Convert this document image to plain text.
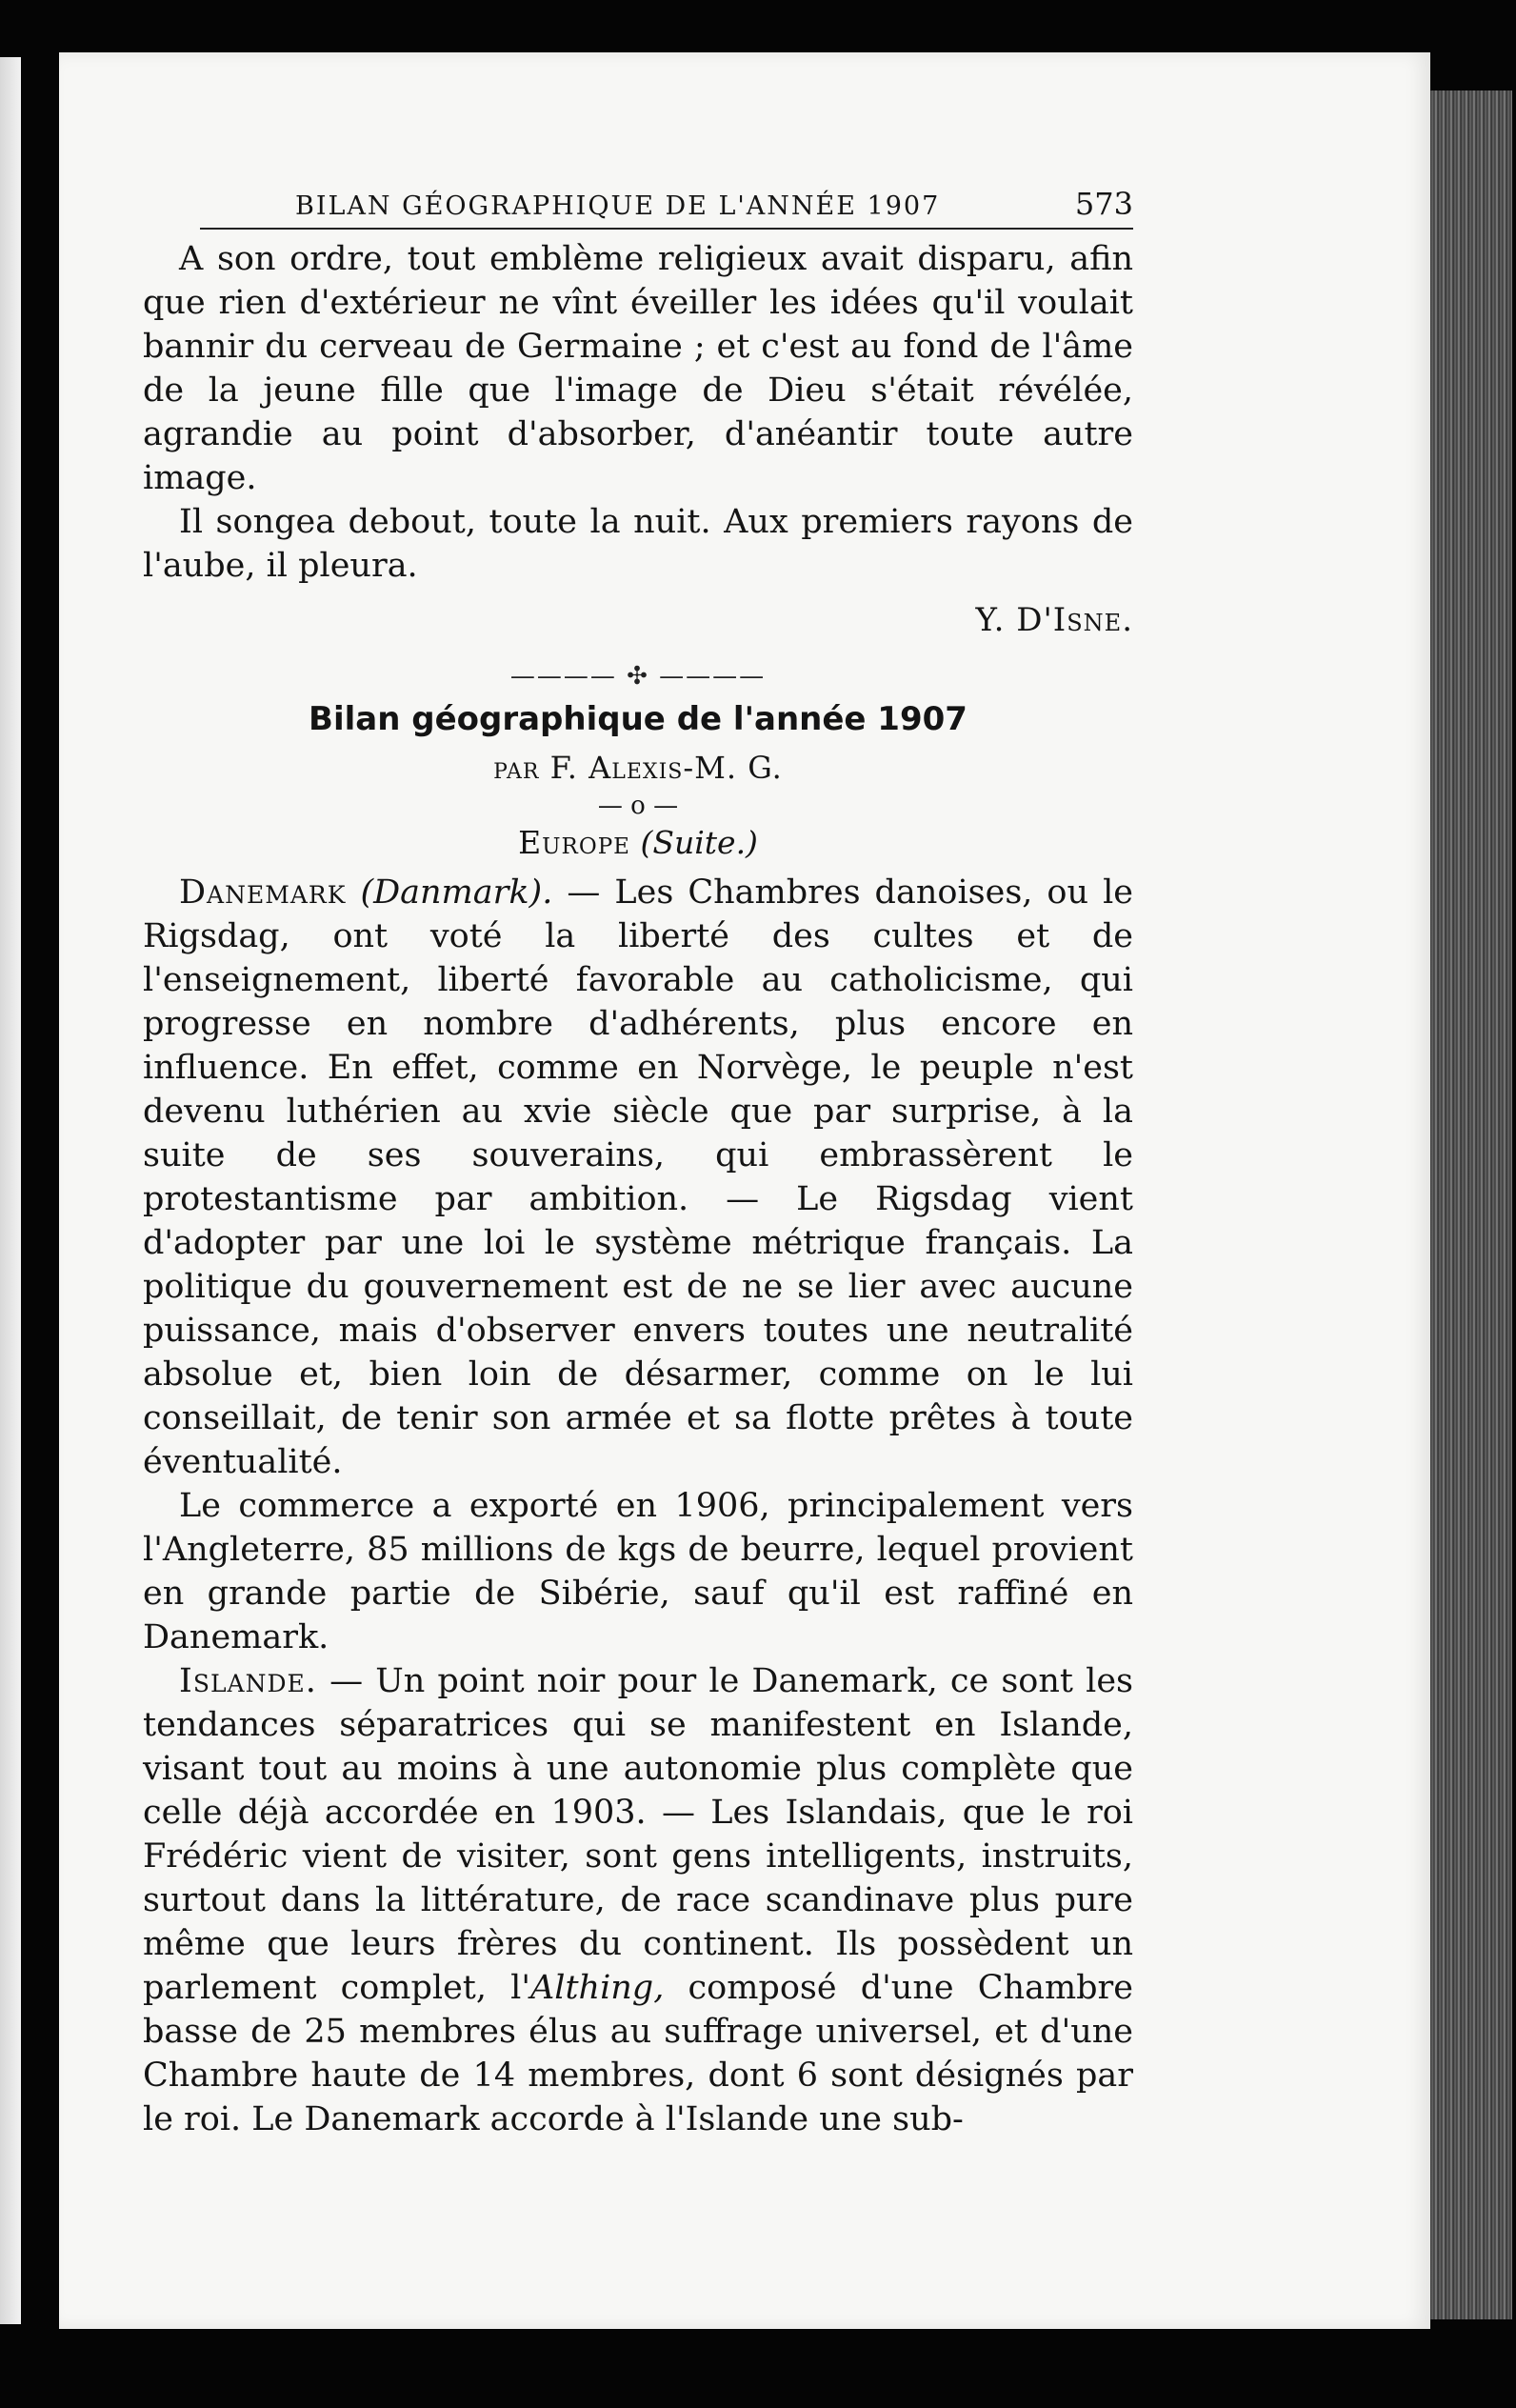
BILAN GÉOGRAPHIQUE DE L'ANNÉE 1907	573

A son ordre, tout emblème religieux avait disparu, afin que rien d'extérieur ne vînt éveiller les idées qu'il voulait bannir du cerveau de Germaine ; et c'est au fond de l'âme de la jeune fille que l'image de Dieu s'était révélée, agrandie au point d'absorber, d'anéantir toute autre image.

Il songea debout, toute la nuit. Aux premiers rayons de l'aube, il pleura.

Y. D'Isne.
———— ✣ ————
Bilan géographique de l'année 1907
par F. Alexis-M. G.
— o —
Europe (Suite.)

Danemark (Danmark). — Les Chambres danoises, ou le Rigsdag, ont voté la liberté des cultes et de l'enseignement, liberté favorable au catholicisme, qui progresse en nombre d'adhérents, plus encore en influence. En effet, comme en Norvège, le peuple n'est devenu luthérien au xvie siècle que par surprise, à la suite de ses souverains, qui embrassèrent le protestantisme par ambition. — Le Rigsdag vient d'adopter par une loi le système métrique français. La politique du gouvernement est de ne se lier avec aucune puissance, mais d'observer envers toutes une neutralité absolue et, bien loin de désarmer, comme on le lui conseillait, de tenir son armée et sa flotte prêtes à toute éventualité.

Le commerce a exporté en 1906, principalement vers l'Angleterre, 85 millions de kgs de beurre, lequel provient en grande partie de Sibérie, sauf qu'il est raffiné en Danemark.

Islande. — Un point noir pour le Danemark, ce sont les tendances séparatrices qui se manifestent en Islande, visant tout au moins à une autonomie plus complète que celle déjà accordée en 1903. — Les Islandais, que le roi Frédéric vient de visiter, sont gens intelligents, instruits, surtout dans la littérature, de race scandinave plus pure même que leurs frères du continent. Ils possèdent un parlement complet, l'Althing, composé d'une Chambre basse de 25 membres élus au suffrage universel, et d'une Chambre haute de 14 membres, dont 6 sont désignés par le roi. Le Danemark accorde à l'Islande une sub-
